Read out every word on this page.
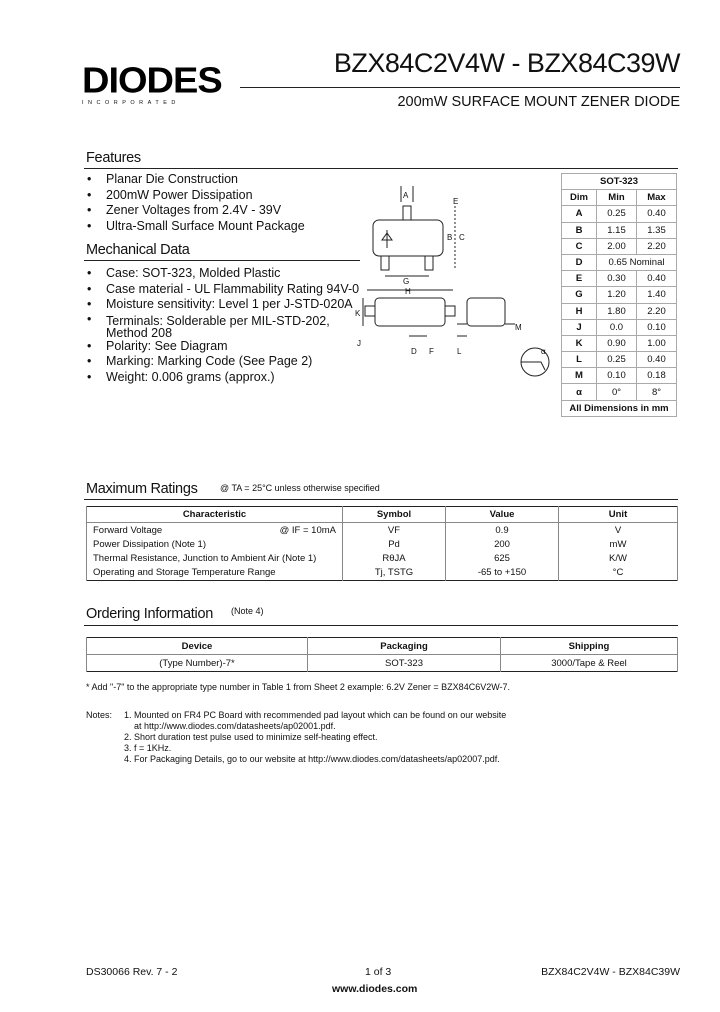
DIODES
INCORPORATED
BZX84C2V4W - BZX84C39W
200mW SURFACE MOUNT ZENER DIODE
Features
• Planar Die Construction
• 200mW Power Dissipation
• Zener Voltages from 2.4V - 39V
• Ultra-Small Surface Mount Package
Mechanical Data
• Case: SOT-323, Molded Plastic
• Case material - UL Flammability Rating 94V-0
• Moisture sensitivity: Level 1 per J-STD-020A
• Terminals: Solderable per MIL-STD-202,
Method 208
• Polarity: See Diagram
• Marking: Marking Code (See Page 2)
• Weight: 0.006 grams (approx.)
A
B C
G
H
K
J
D F	L
M
α
E
SOT-323		
Dim	Min	Max
A	0.25	0.40
B	1.15	1.35
C	2.00	2.20
D	0.65 Nominal	
E	0.30	0.40
G	1.20	1.40
H	1.80	2.20
J	0.0	0.10
K	0.90	1.00
L	0.25	0.40
M	0.10	0.18
α	0°	8°
All Dimensions in mm		
Maximum Ratings @ TA = 25°C unless otherwise specified
Characteristic	Symbol	Value	Unit
Forward Voltage @ IF = 10mA	VF	0.9	V
Power Dissipation (Note 1)	Pd	200	mW
Thermal Resistance, Junction to Ambient Air (Note 1)	RθJA	625	K/W
Operating and Storage Temperature Range	Tj, TSTG	-65 to +150	°C
Ordering Information (Note 4)
Device	Packaging	Shipping
(Type Number)-7*	SOT-323	3000/Tape & Reel
* Add "-7" to the appropriate type number in Table 1 from Sheet 2 example: 6.2V Zener = BZX84C6V2W-7.
Notes: 1. Mounted on FR4 PC Board with recommended pad layout which can be found on our website
at http://www.diodes.com/datasheets/ap02001.pdf.
2. Short duration test pulse used to minimize self-heating effect.
3. f = 1KHz.
4. For Packaging Details, go to our website at http://www.diodes.com/datasheets/ap02007.pdf.
DS30066 Rev. 7 - 2	1 of 3	BZX84C2V4W - BZX84C39W
www.diodes.com
